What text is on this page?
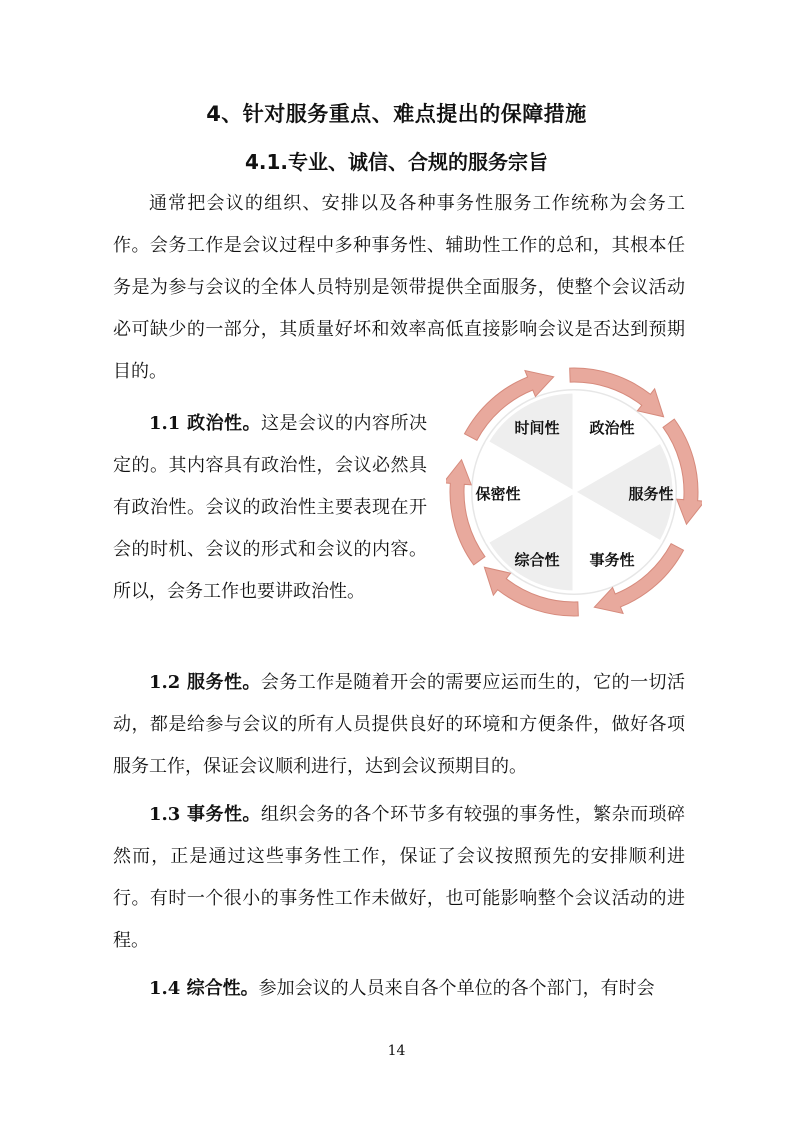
4、针对服务重点、难点提出的保障措施
4.1.专业、诚信、合规的服务宗旨

通常把会议的组织、安排以及各种事务性服务工作统称为会务工作。会务工作是会议过程中多种事务性、辅助性工作的总和，其根本任务是为参与会议的全体人员特别是领带提供全面服务，使整个会议活动必可缺少的一部分，其质量好坏和效率高低直接影响会议是否达到预期目的。

1.1 政治性。这是会议的内容所决定的。其内容具有政治性，会议必然具有政治性。会议的政治性主要表现在开会的时机、会议的形式和会议的内容。所以，会务工作也要讲政治性。

政治性
服务性
事务性
综合性
保密性
时间性

1.2 服务性。会务工作是随着开会的需要应运而生的，它的一切活动，都是给参与会议的所有人员提供良好的环境和方便条件，做好各项服务工作，保证会议顺利进行，达到会议预期目的。

1.3 事务性。组织会务的各个环节多有较强的事务性，繁杂而琐碎然而，正是通过这些事务性工作，保证了会议按照预先的安排顺利进行。有时一个很小的事务性工作未做好，也可能影响整个会议活动的进程。

1.4 综合性。参加会议的人员来自各个单位的各个部门，有时会

14
